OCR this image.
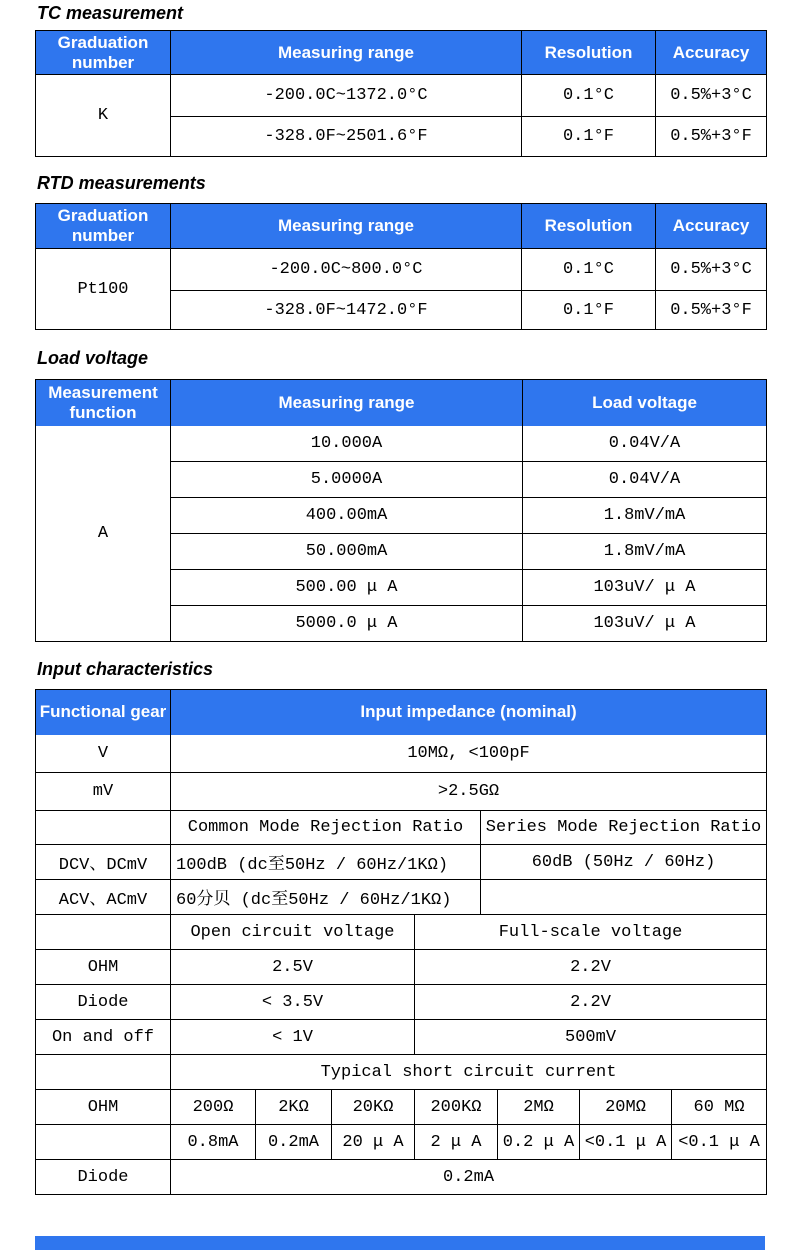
TC measurement
Graduation number	Measuring range	Resolution	Accuracy
K	-200.0C~1372.0°C	0.1°C	0.5%+3°C
	-328.0F~2501.6°F	0.1°F	0.5%+3°F
RTD measurements
Graduation number	Measuring range	Resolution	Accuracy
Pt100	-200.0C~800.0°C	0.1°C	0.5%+3°C
	-328.0F~1472.0°F	0.1°F	0.5%+3°F
Load voltage
Measurement function	Measuring range	Load voltage
A	10.000A	0.04V/A
	5.0000A	0.04V/A
	400.00mA	1.8mV/mA
	50.000mA	1.8mV/mA
	500.00 μ A	103uV/ μ A
	5000.0 μ A	103uV/ μ A
Input characteristics
Functional gear	Input impedance (nominal)							
V	10MΩ, <100pF							
mV	>2.5GΩ							
	Common Mode Rejection Ratio				Series Mode Rejection Ratio			
DCV、DCmV	100dB (dc至50Hz / 60Hz/1KΩ)				60dB (50Hz / 60Hz)			
ACV、ACmV	60分贝 (dc至50Hz / 60Hz/1KΩ)							
	Open circuit voltage			Full-scale voltage				
OHM	2.5V			2.2V				
Diode	< 3.5V			2.2V				
On and off	< 1V			500mV				
	Typical short circuit current							
OHM	200Ω	2KΩ	20KΩ	200KΩ		2MΩ	20MΩ	60 MΩ
	0.8mA	0.2mA	20 μ A	2 μ A		0.2 μ A	<0.1 μ A	<0.1 μ A
Diode	0.2mA							
